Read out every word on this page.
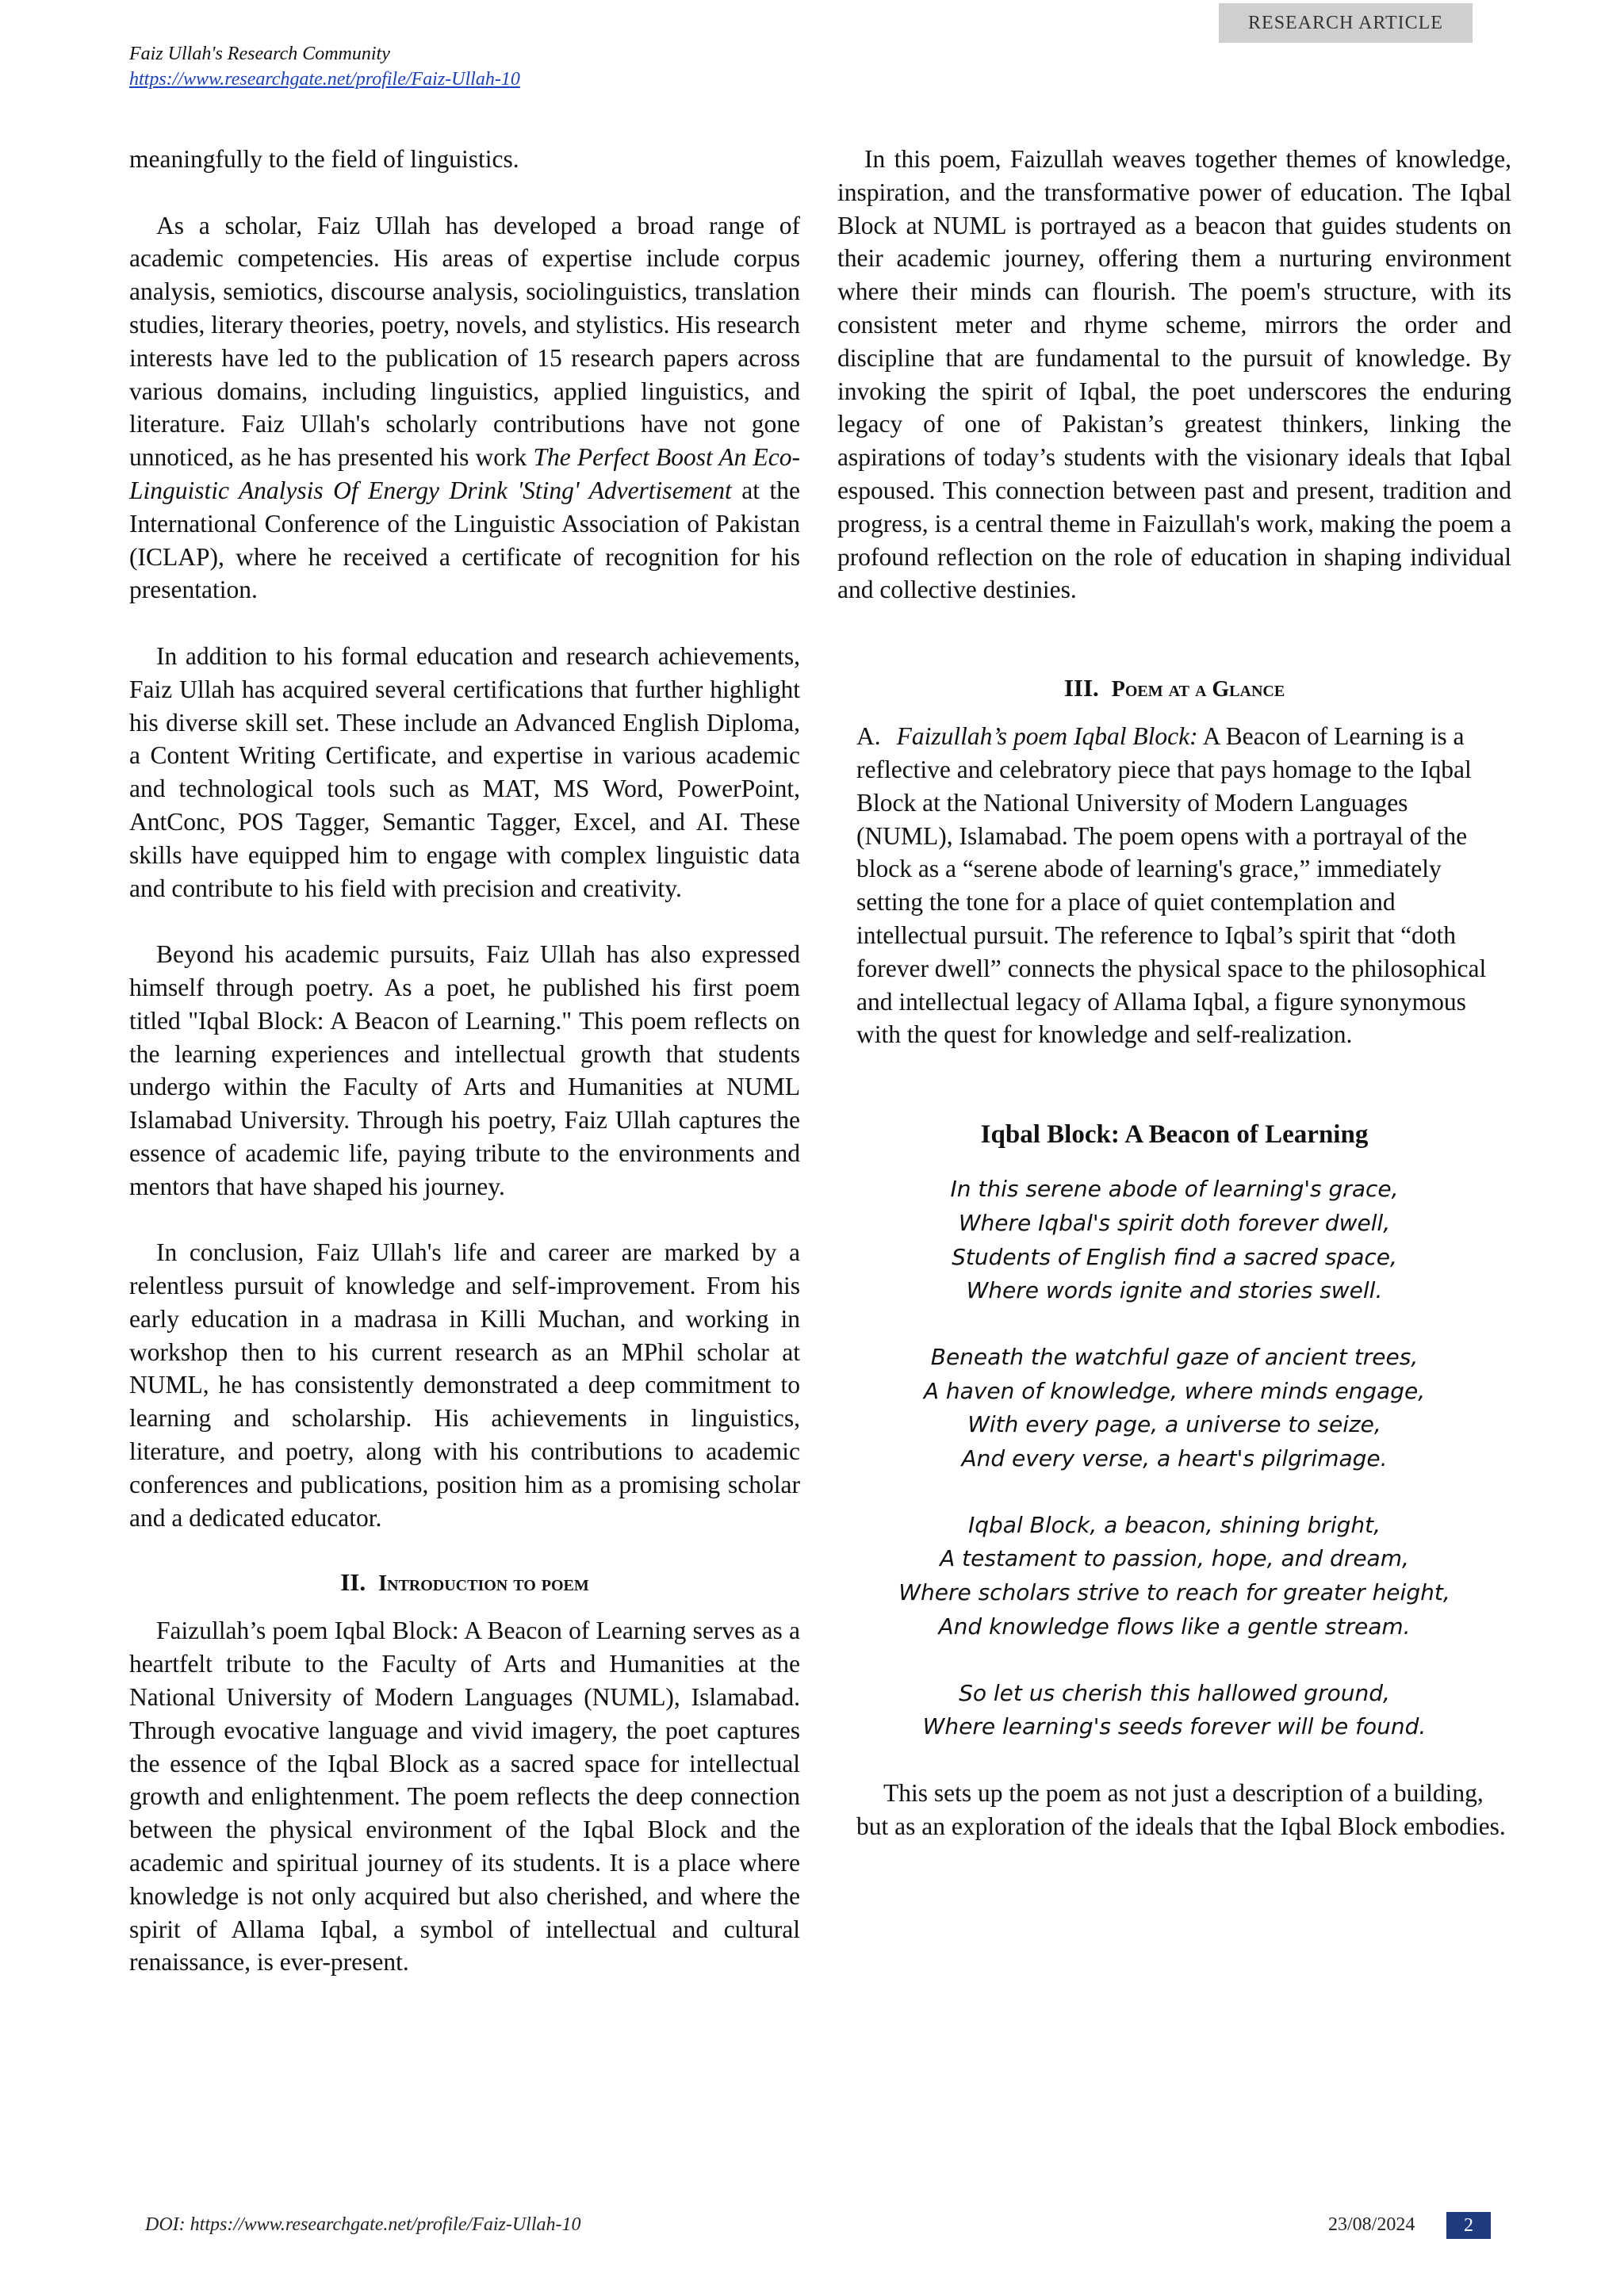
RESEARCH ARTICLE
Faiz Ullah's Research Community
https://www.researchgate.net/profile/Faiz-Ullah-10

meaningfully to the field of linguistics.

As a scholar, Faiz Ullah has developed a broad range of academic competencies. His areas of expertise include corpus analysis, semiotics, discourse analysis, sociolinguistics, translation studies, literary theories, poetry, novels, and stylistics. His research interests have led to the publication of 15 research papers across various domains, including linguistics, applied linguistics, and literature. Faiz Ullah's scholarly contributions have not gone unnoticed, as he has presented his work The Perfect Boost An Eco-Linguistic Analysis Of Energy Drink 'Sting' Advertisement at the International Conference of the Linguistic Association of Pakistan (ICLAP), where he received a certificate of recognition for his presentation.

In addition to his formal education and research achievements, Faiz Ullah has acquired several certifications that further highlight his diverse skill set. These include an Advanced English Diploma, a Content Writing Certificate, and expertise in various academic and technological tools such as MAT, MS Word, PowerPoint, AntConc, POS Tagger, Semantic Tagger, Excel, and AI. These skills have equipped him to engage with complex linguistic data and contribute to his field with precision and creativity.

Beyond his academic pursuits, Faiz Ullah has also expressed himself through poetry. As a poet, he published his first poem titled "Iqbal Block: A Beacon of Learning." This poem reflects on the learning experiences and intellectual growth that students undergo within the Faculty of Arts and Humanities at NUML Islamabad University. Through his poetry, Faiz Ullah captures the essence of academic life, paying tribute to the environments and mentors that have shaped his journey.

In conclusion, Faiz Ullah's life and career are marked by a relentless pursuit of knowledge and self-improvement. From his early education in a madrasa in Killi Muchan, and working in workshop then to his current research as an MPhil scholar at NUML, he has consistently demonstrated a deep commitment to learning and scholarship. His achievements in linguistics, literature, and poetry, along with his contributions to academic conferences and publications, position him as a promising scholar and a dedicated educator.

II. Introduction to poem

Faizullah’s poem Iqbal Block: A Beacon of Learning serves as a heartfelt tribute to the Faculty of Arts and Humanities at the National University of Modern Languages (NUML), Islamabad. Through evocative language and vivid imagery, the poet captures the essence of the Iqbal Block as a sacred space for intellectual growth and enlightenment. The poem reflects the deep connection between the physical environment of the Iqbal Block and the academic and spiritual journey of its students. It is a place where knowledge is not only acquired but also cherished, and where the spirit of Allama Iqbal, a symbol of intellectual and cultural renaissance, is ever-present.

In this poem, Faizullah weaves together themes of knowledge, inspiration, and the transformative power of education. The Iqbal Block at NUML is portrayed as a beacon that guides students on their academic journey, offering them a nurturing environment where their minds can flourish. The poem's structure, with its consistent meter and rhyme scheme, mirrors the order and discipline that are fundamental to the pursuit of knowledge. By invoking the spirit of Iqbal, the poet underscores the enduring legacy of one of Pakistan’s greatest thinkers, linking the aspirations of today’s students with the visionary ideals that Iqbal espoused. This connection between past and present, tradition and progress, is a central theme in Faizullah's work, making the poem a profound reflection on the role of education in shaping individual and collective destinies.

III. Poem at a Glance

A. Faizullah’s poem Iqbal Block: A Beacon of Learning is a reflective and celebratory piece that pays homage to the Iqbal Block at the National University of Modern Languages (NUML), Islamabad. The poem opens with a portrayal of the block as a “serene abode of learning's grace,” immediately setting the tone for a place of quiet contemplation and intellectual pursuit. The reference to Iqbal’s spirit that “doth forever dwell” connects the physical space to the philosophical and intellectual legacy of Allama Iqbal, a figure synonymous with the quest for knowledge and self-realization.

Iqbal Block: A Beacon of Learning
In this serene abode of learning's grace,
Where Iqbal's spirit doth forever dwell,
Students of English find a sacred space,
Where words ignite and stories swell.
Beneath the watchful gaze of ancient trees,
A haven of knowledge, where minds engage,
With every page, a universe to seize,
And every verse, a heart's pilgrimage.
Iqbal Block, a beacon, shining bright,
A testament to passion, hope, and dream,
Where scholars strive to reach for greater height,
And knowledge flows like a gentle stream.
So let us cherish this hallowed ground,
Where learning's seeds forever will be found.

This sets up the poem as not just a description of a building, but as an exploration of the ideals that the Iqbal Block embodies.

DOI: https://www.researchgate.net/profile/Faiz-Ullah-10	23/08/2024	2
